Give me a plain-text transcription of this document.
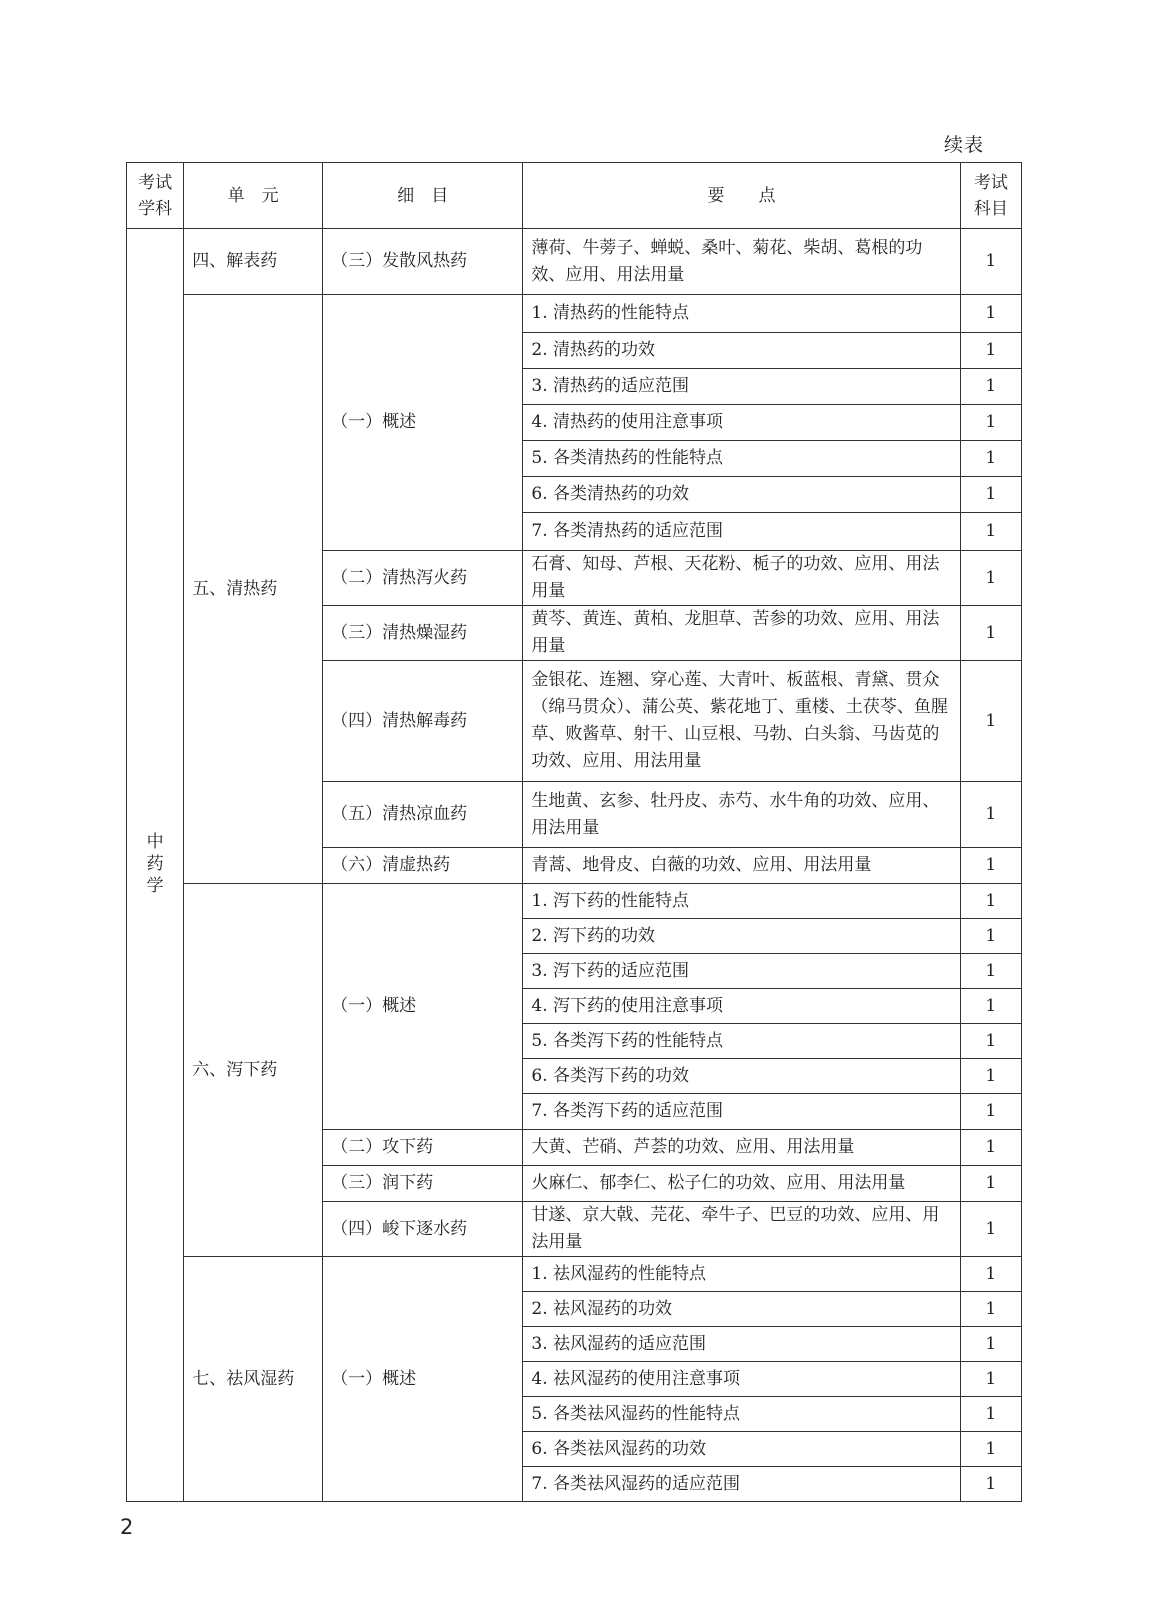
续表
考试学科	单　元	细　目	要　　点	考试科目
中药学	四、解表药	（三）发散风热药	薄荷、牛蒡子、蝉蜕、桑叶、菊花、柴胡、葛根的功效、应用、用法用量	1
	五、清热药	（一）概述	1. 清热药的性能特点	1
			2. 清热药的功效	1
			3. 清热药的适应范围	1
			4. 清热药的使用注意事项	1
			5. 各类清热药的性能特点	1
			6. 各类清热药的功效	1
			7. 各类清热药的适应范围	1
		（二）清热泻火药	石膏、知母、芦根、天花粉、栀子的功效、应用、用法用量	1
		（三）清热燥湿药	黄芩、黄连、黄柏、龙胆草、苦参的功效、应用、用法用量	1
		（四）清热解毒药	金银花、连翘、穿心莲、大青叶、板蓝根、青黛、贯众（绵马贯众）、蒲公英、紫花地丁、重楼、土茯苓、鱼腥草、败酱草、射干、山豆根、马勃、白头翁、马齿苋的功效、应用、用法用量	1
		（五）清热凉血药	生地黄、玄参、牡丹皮、赤芍、水牛角的功效、应用、用法用量	1
		（六）清虚热药	青蒿、地骨皮、白薇的功效、应用、用法用量	1
	六、泻下药	（一）概述	1. 泻下药的性能特点	1
			2. 泻下药的功效	1
			3. 泻下药的适应范围	1
			4. 泻下药的使用注意事项	1
			5. 各类泻下药的性能特点	1
			6. 各类泻下药的功效	1
			7. 各类泻下药的适应范围	1
		（二）攻下药	大黄、芒硝、芦荟的功效、应用、用法用量	1
		（三）润下药	火麻仁、郁李仁、松子仁的功效、应用、用法用量	1
		（四）峻下逐水药	甘遂、京大戟、芫花、牵牛子、巴豆的功效、应用、用法用量	1
	七、祛风湿药	（一）概述	1. 祛风湿药的性能特点	1
			2. 祛风湿药的功效	1
			3. 祛风湿药的适应范围	1
			4. 祛风湿药的使用注意事项	1
			5. 各类祛风湿药的性能特点	1
			6. 各类祛风湿药的功效	1
			7. 各类祛风湿药的适应范围	1
2
